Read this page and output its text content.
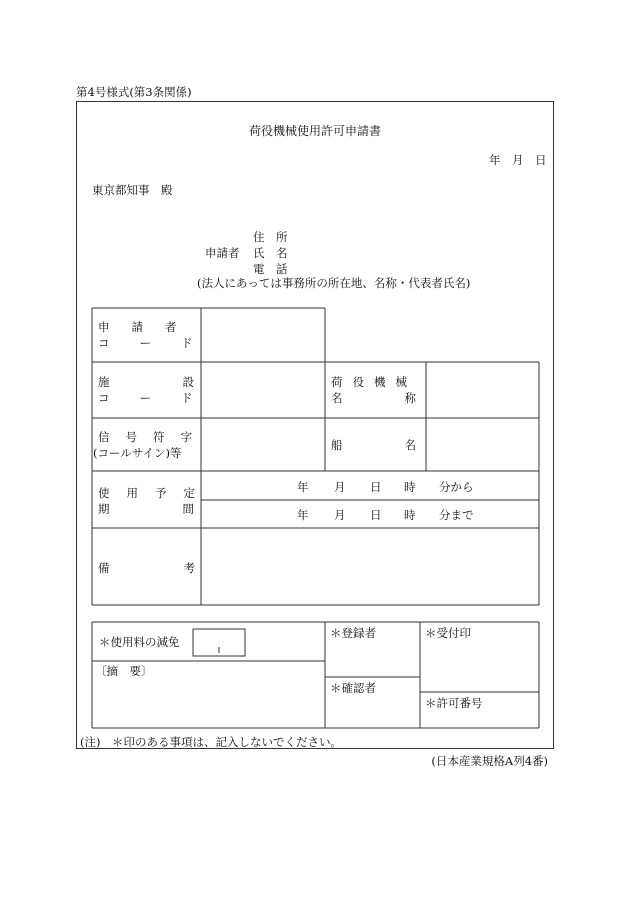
第4号様式(第3条関係)
荷役機械使用許可申請書
年　月　日
東京都知事　殿
住　所
申請者 氏　名
電　話
(法人にあっては事務所の所在地、名称・代表者氏名)
申請者
コード
施設
コード
荷役機械
名称
信号符字
(コールサイン)等
船名
使用予定
期間
年 月 日 時 分から
年 月 日 時 分まで
備考
＊使用料の減免
〔摘　要〕
＊登録者
＊確認者
＊受付印
＊許可番号
(注)　＊印のある事項は、記入しないでください。
(日本産業規格A列4番)
